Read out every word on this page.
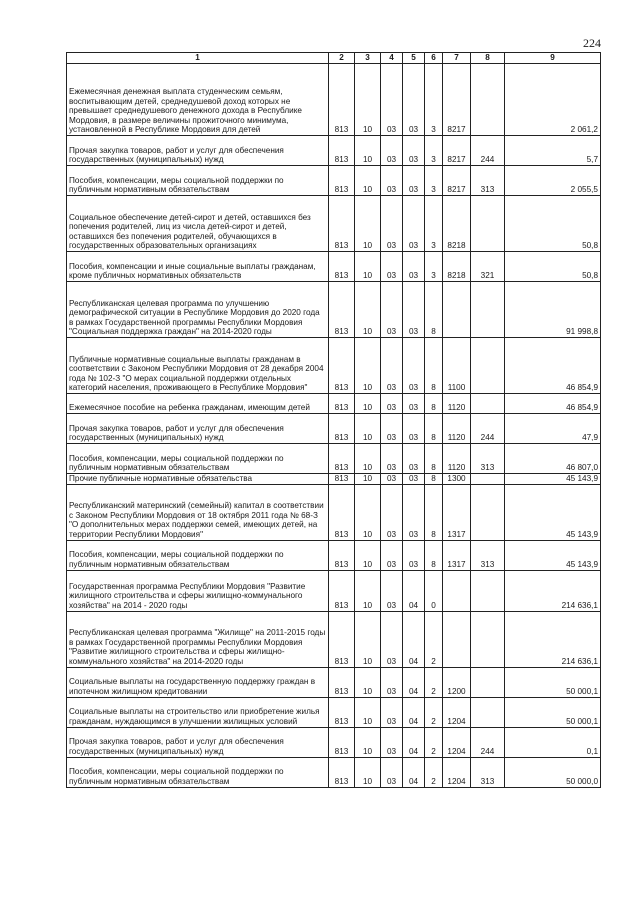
224
1	2	3	4	5	6	7	8	9
Ежемесячная денежная выплата студенческим семьям, воспитывающим детей, среднедушевой доход которых не превышает среднедушевого денежного дохода в Республике Мордовия, в размере величины прожиточного минимума, установленной в Республике Мордовия для детей	813	10	03	03	3	8217		2 061,2
Прочая закупка товаров, работ и услуг для обеспечения государственных (муниципальных) нужд	813	10	03	03	3	8217	244	5,7
Пособия, компенсации, меры социальной поддержки по публичным нормативным обязательствам	813	10	03	03	3	8217	313	2 055,5
Социальное обеспечение детей-сирот и детей, оставшихся без попечения родителей, лиц из числа детей-сирот и детей, оставшихся без попечения родителей, обучающихся в государственных образовательных организациях	813	10	03	03	3	8218		50,8
Пособия, компенсации и иные социальные выплаты гражданам, кроме публичных нормативных обязательств	813	10	03	03	3	8218	321	50,8
Республиканская целевая программа по улучшению демографической ситуации в Республике Мордовия до 2020 года в рамках Государственной программы Республики Мордовия "Социальная поддержка граждан" на 2014-2020 годы	813	10	03	03	8			91 998,8
Публичные нормативные социальные выплаты гражданам в соответствии с Законом Республики Мордовия от 28 декабря 2004 года № 102-З "О мерах социальной поддержки отдельных категорий населения, проживающего в Республике Мордовия"	813	10	03	03	8	1100		46 854,9
Ежемесячное пособие на ребенка гражданам, имеющим детей	813	10	03	03	8	1120		46 854,9
Прочая закупка товаров, работ и услуг для обеспечения государственных (муниципальных) нужд	813	10	03	03	8	1120	244	47,9
Пособия, компенсации, меры социальной поддержки по публичным нормативным обязательствам	813	10	03	03	8	1120	313	46 807,0
Прочие публичные нормативные обязательства	813	10	03	03	8	1300		45 143,9
Республиканский материнский (семейный) капитал в соответствии с Законом Республики Мордовия от 18 октября 2011 года № 68-З "О дополнительных мерах поддержки семей, имеющих детей, на территории Республики Мордовия"	813	10	03	03	8	1317		45 143,9
Пособия, компенсации, меры социальной поддержки по публичным нормативным обязательствам	813	10	03	03	8	1317	313	45 143,9
Государственная программа Республики Мордовия "Развитие жилищного строительства и сферы жилищно-коммунального хозяйства" на 2014 - 2020 годы	813	10	03	04	0			214 636,1
Республиканская целевая программа "Жилище" на 2011-2015 годы в рамках Государственной программы Республики Мордовия "Развитие жилищного строительства и сферы жилищно-коммунального хозяйства" на 2014-2020 годы	813	10	03	04	2			214 636,1
Социальные выплаты на государственную поддержку граждан в ипотечном жилищном кредитовании	813	10	03	04	2	1200		50 000,1
Социальные выплаты на строительство или приобретение жилья гражданам, нуждающимся в улучшении жилищных условий	813	10	03	04	2	1204		50 000,1
Прочая закупка товаров, работ и услуг для обеспечения государственных (муниципальных) нужд	813	10	03	04	2	1204	244	0,1
Пособия, компенсации, меры социальной поддержки по публичным нормативным обязательствам	813	10	03	04	2	1204	313	50 000,0
